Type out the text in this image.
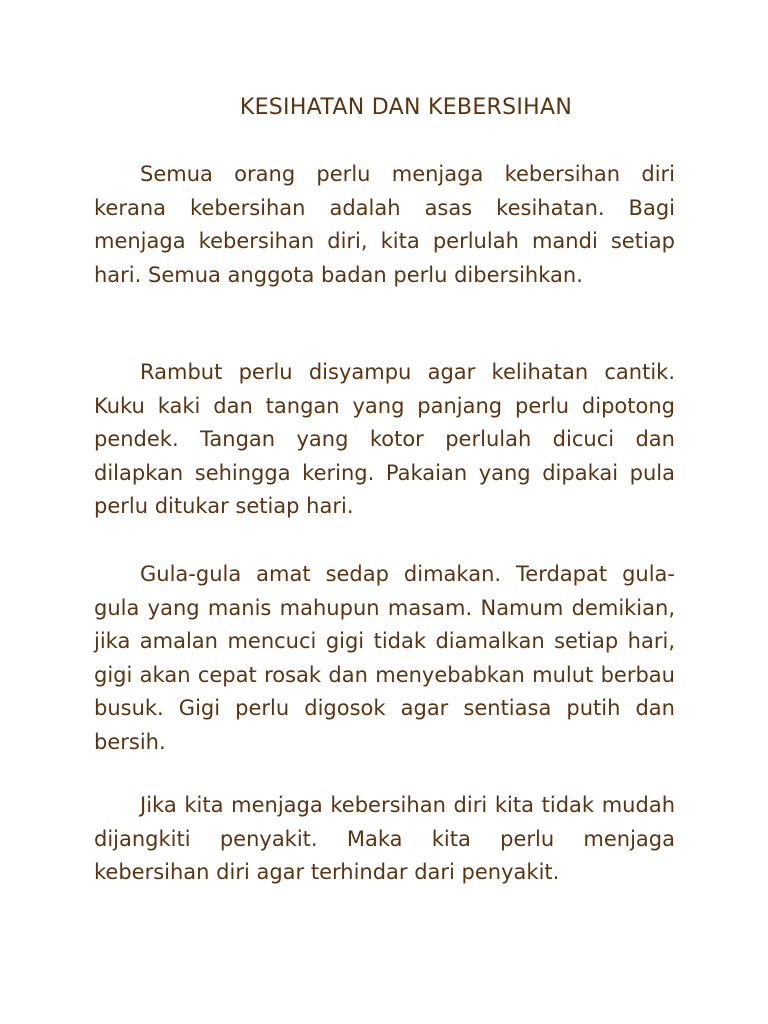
KESIHATAN DAN KEBERSIHAN

Semua orang perlu menjaga kebersihan diri kerana kebersihan adalah asas kesihatan. Bagi menjaga kebersihan diri, kita perlulah mandi setiap hari. Semua anggota badan perlu dibersihkan.

Rambut perlu disyampu agar kelihatan cantik. Kuku kaki dan tangan yang panjang perlu dipotong pendek. Tangan yang kotor perlulah dicuci dan dilapkan sehingga kering. Pakaian yang dipakai pula perlu ditukar setiap hari.

Gula-gula amat sedap dimakan. Terdapat gula-gula yang manis mahupun masam. Namum demikian, jika amalan mencuci gigi tidak diamalkan setiap hari, gigi akan cepat rosak dan menyebabkan mulut berbau busuk. Gigi perlu digosok agar sentiasa putih dan bersih.

Jika kita menjaga kebersihan diri kita tidak mudah dijangkiti penyakit. Maka kita perlu menjaga kebersihan diri agar terhindar dari penyakit.
